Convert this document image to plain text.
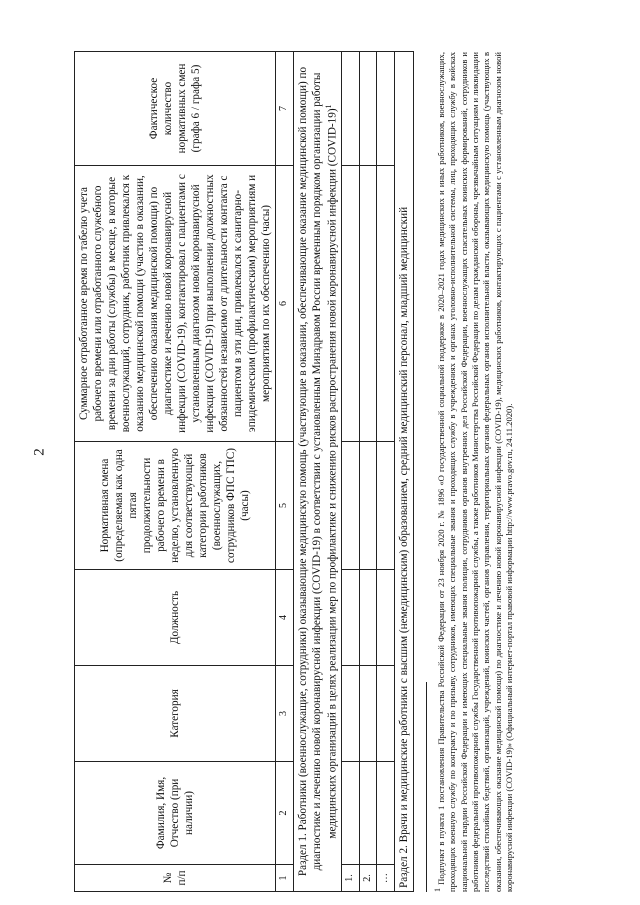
2
№ п/п	Фамилия, Имя, Отчество (при наличии)	Категория	Должность	Нормативная смена (определяемая как одна пятая продолжительности рабочего времени в неделю, установленную для соответствующей категории работников (военнослужащих, сотрудников ФПС ГПС) (часы)	Суммарное отработанное время по табелю учета рабочего времени или отработанного служебного времени за дни работы (службы) в месяце, в которые военнослужащий, сотрудник, работник привлекался к оказанию медицинской помощи (участию в оказании, обеспечению оказания медицинской помощи) по диагностике и лечению новой коронавирусной инфекции (COVID-19), контактировал с пациентами с установленным диагнозом новой коронавирусной инфекции (COVID-19) при выполнении должностных обязанностей независимо от длительности контакта с пациентом в эти дни, привлекался к санитарно-эпидемическим (профилактическим) мероприятиям и мероприятиям по их обеспечению (часы)	Фактическое количество нормативных смен (графа 6 / графа 5)
1	2	3	4	5	6	7
Раздел 1. Работники (военнослужащие, сотрудники) оказывающие медицинскую помощь (участвующие в оказании, обеспечивающие оказание медицинской помощи) по диагностике и лечению новой коронавирусной инфекции (COVID-19) в соответствии с установленным Минздравом России временным порядком организации работы медицинских организаций в целях реализации мер по профилактике и снижению рисков распространения новой коронавирусной инфекции (COVID-19)$^1$
1.						
2.						
…						
Раздел 2. Врачи и медицинские работники с высшим (немедицинским) образованием, средний медицинский персонал, младший медицинский						
$^1$ Подпункт в пункта 1 постановления Правительства Российской Федерации от 23 ноября 2020 г. № 1896 «О государственной социальной поддержке в 2020–2021 годах медицинских и иных работников, военнослужащих, проходящих военную службу по контракту и по призыву, сотрудников, имеющих специальные звания и проходящих службу в учреждениях и органах уголовно-исполнительной системы, лиц, проходящих службу в войсках национальной гвардии Российской Федерации и имеющих специальные звания полиции, сотрудников органов внутренних дел Российской Федерации, военнослужащих спасательных воинских формирований, сотрудников и работников федеральной противопожарной службы Государственной противопожарной службы, а также работников Министерства Российской Федерации по делам гражданской обороны, чрезвычайным ситуациям и ликвидации последствий стихийных бедствий, организаций, учреждений, воинских частей, органов управления, территориальных органов федеральных органов исполнительной власти, оказывающих медицинскую помощь (участвующих в оказании, обеспечивающих оказание медицинской помощи) по диагностике и лечению новой коронавирусной инфекции (COVID-19), медицинских работников, контактирующих с пациентами с установленным диагнозом новой коронавирусной инфекции (COVID-19)» (Официальный интернет-портал правовой информации http://www.pravo.gov.ru, 24.11.2020).
